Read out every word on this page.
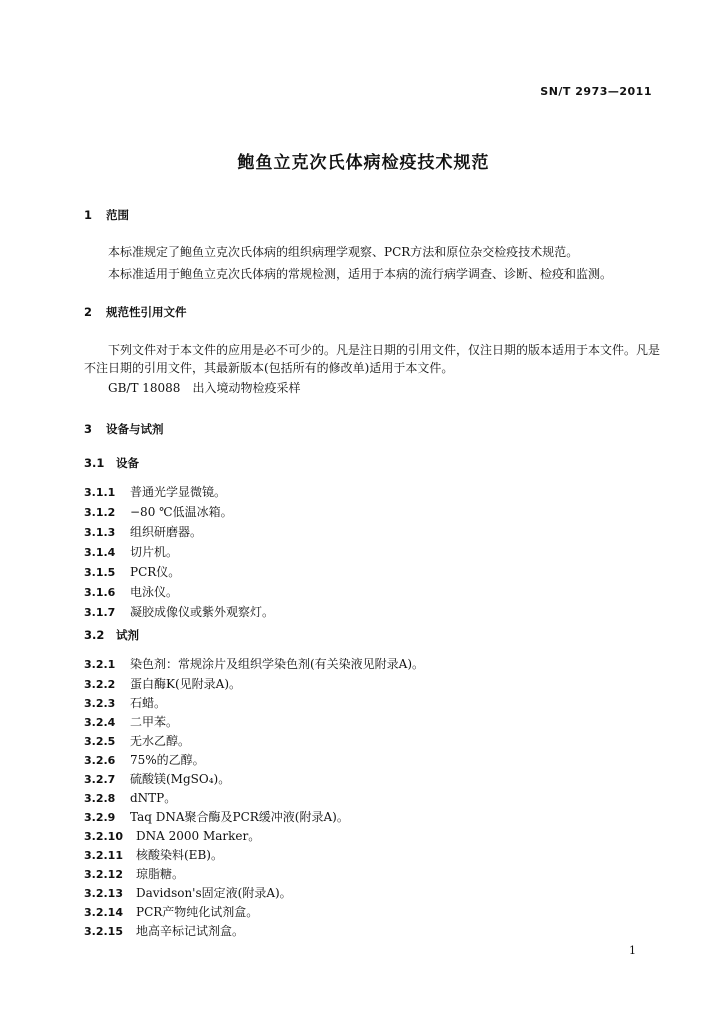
SN/T 2973—2011
鲍鱼立克次氏体病检疫技术规范
1 范围
本标准规定了鲍鱼立克次氏体病的组织病理学观察、PCR方法和原位杂交检疫技术规范。
本标准适用于鲍鱼立克次氏体病的常规检测，适用于本病的流行病学调查、诊断、检疫和监测。
2 规范性引用文件
下列文件对于本文件的应用是必不可少的。凡是注日期的引用文件，仅注日期的版本适用于本文件。凡是不注日期的引用文件，其最新版本(包括所有的修改单)适用于本文件。
GB/T 18088　出入境动物检疫采样
3 设备与试剂
3.1 设备
3.1.1 普通光学显微镜。
3.1.2 −80 ℃低温冰箱。
3.1.3 组织研磨器。
3.1.4 切片机。
3.1.5 PCR仪。
3.1.6 电泳仪。
3.1.7 凝胶成像仪或紫外观察灯。
3.2 试剂
3.2.1 染色剂：常规涂片及组织学染色剂(有关染液见附录A)。
3.2.2 蛋白酶K(见附录A)。
3.2.3 石蜡。
3.2.4 二甲苯。
3.2.5 无水乙醇。
3.2.6 75%的乙醇。
3.2.7 硫酸镁(MgSO₄)。
3.2.8 dNTP。
3.2.9 Taq DNA聚合酶及PCR缓冲液(附录A)。
3.2.10 DNA 2000 Marker。
3.2.11 核酸染料(EB)。
3.2.12 琼脂糖。
3.2.13 Davidson's固定液(附录A)。
3.2.14 PCR产物纯化试剂盒。
3.2.15 地高辛标记试剂盒。
1
